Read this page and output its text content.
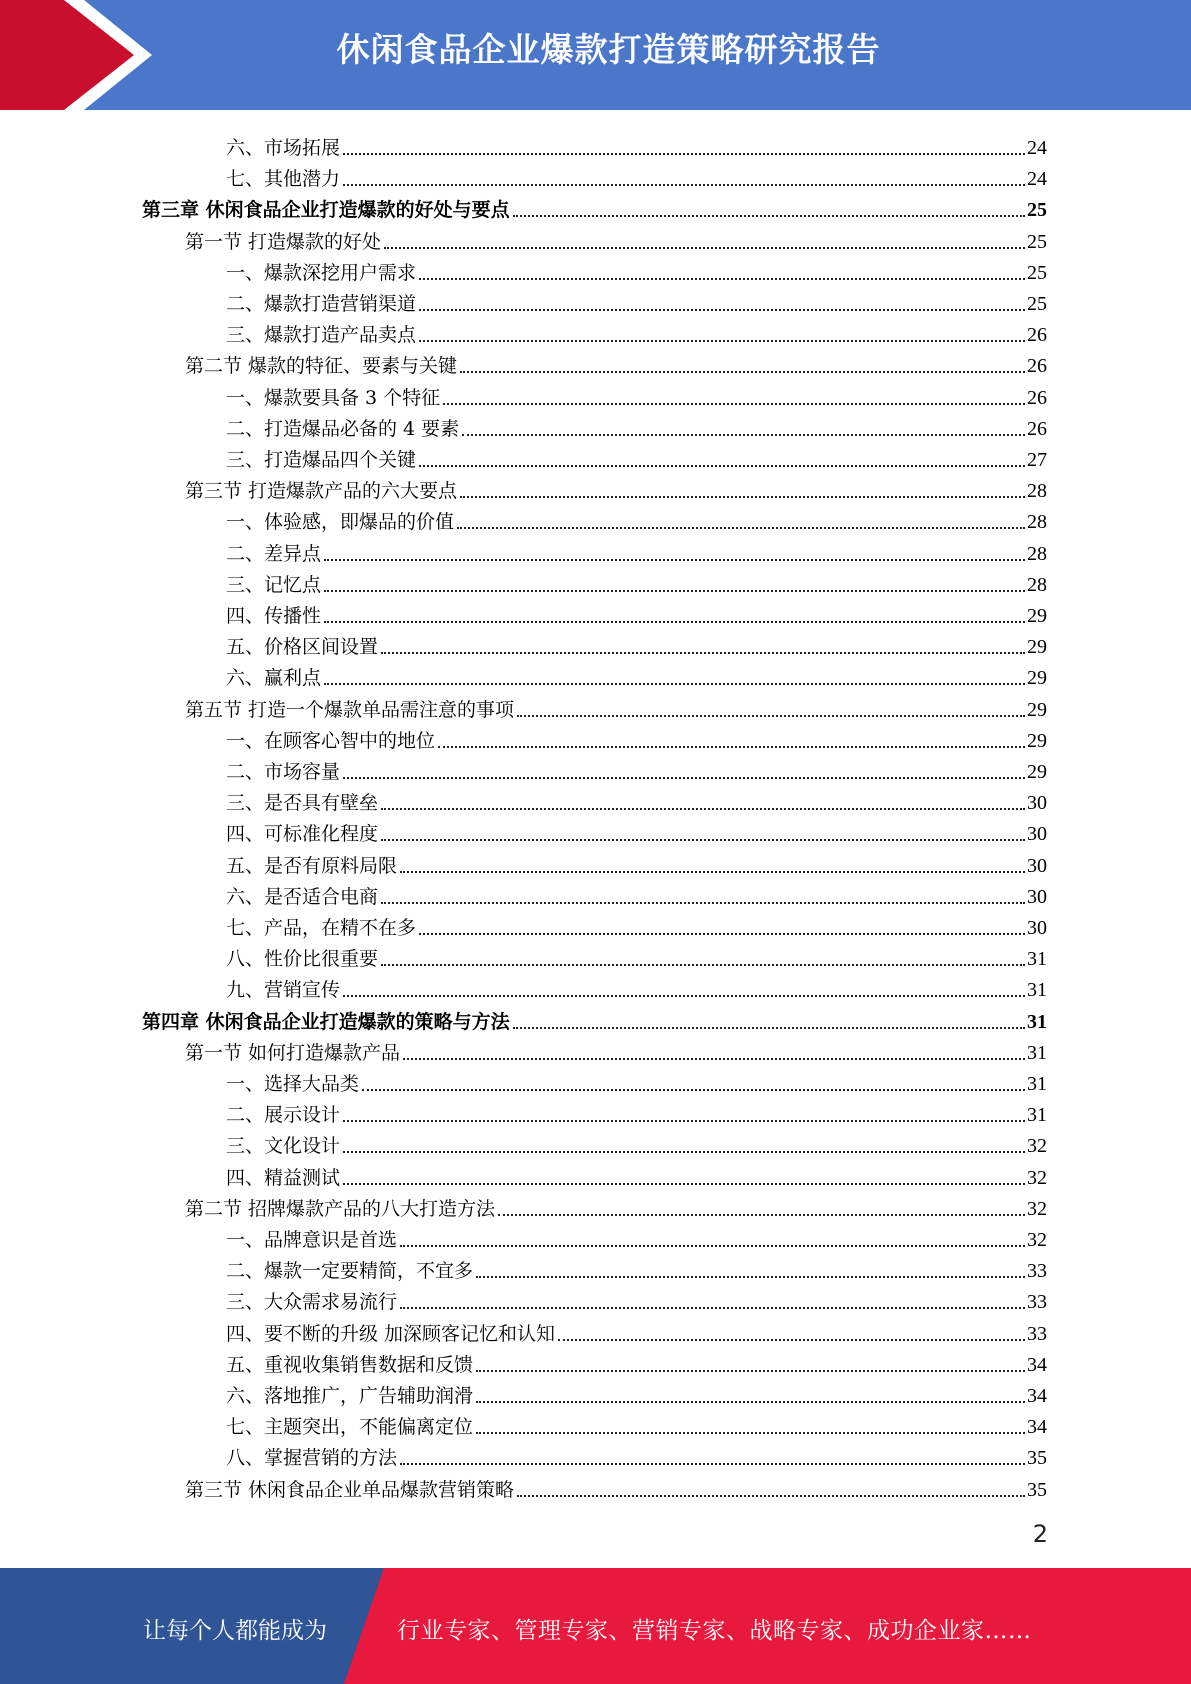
休闲食品企业爆款打造策略研究报告
六、市场拓展	24
七、其他潜力	24
第三章 休闲食品企业打造爆款的好处与要点	25
第一节 打造爆款的好处	25
一、爆款深挖用户需求	25
二、爆款打造营销渠道	25
三、爆款打造产品卖点	26
第二节 爆款的特征、要素与关键	26
一、爆款要具备 3 个特征	26
二、打造爆品必备的 4 要素	26
三、打造爆品四个关键	27
第三节 打造爆款产品的六大要点	28
一、体验感，即爆品的价值	28
二、差异点	28
三、记忆点	28
四、传播性	29
五、价格区间设置	29
六、赢利点	29
第五节 打造一个爆款单品需注意的事项	29
一、在顾客心智中的地位	29
二、市场容量	29
三、是否具有壁垒	30
四、可标准化程度	30
五、是否有原料局限	30
六、是否适合电商	30
七、产品，在精不在多	30
八、性价比很重要	31
九、营销宣传	31
第四章 休闲食品企业打造爆款的策略与方法	31
第一节 如何打造爆款产品	31
一、选择大品类	31
二、展示设计	31
三、文化设计	32
四、精益测试	32
第二节 招牌爆款产品的八大打造方法	32
一、品牌意识是首选	32
二、爆款一定要精简，不宜多	33
三、大众需求易流行	33
四、要不断的升级 加深顾客记忆和认知	33
五、重视收集销售数据和反馈	34
六、落地推广，广告辅助润滑	34
七、主题突出，不能偏离定位	34
八、掌握营销的方法	35
第三节 休闲食品企业单品爆款营销策略	35
2
让每个人都能成为	行业专家、管理专家、营销专家、战略专家、成功企业家……
